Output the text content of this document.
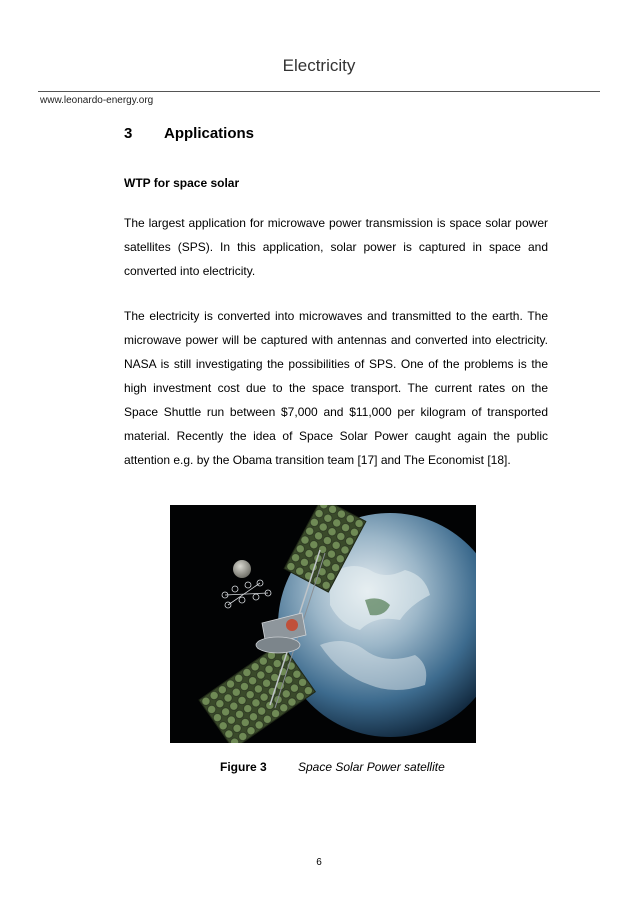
Electricity
www.leonardo-energy.org
3 Applications
WTP for space solar

The largest application for microwave power transmission is space solar power satellites (SPS). In this application, solar power is captured in space and converted into electricity.

The electricity is converted into microwaves and transmitted to the earth. The microwave power will be captured with antennas and converted into electricity. NASA is still investigating the possibilities of SPS. One of the problems is the high investment cost due to the space transport. The current rates on the Space Shuttle run between $7,000 and $11,000 per kilogram of transported material. Recently the idea of Space Solar Power caught again the public attention e.g. by the Obama transition team [17] and The Economist [18].

Figure 3	Space Solar Power satellite
6
